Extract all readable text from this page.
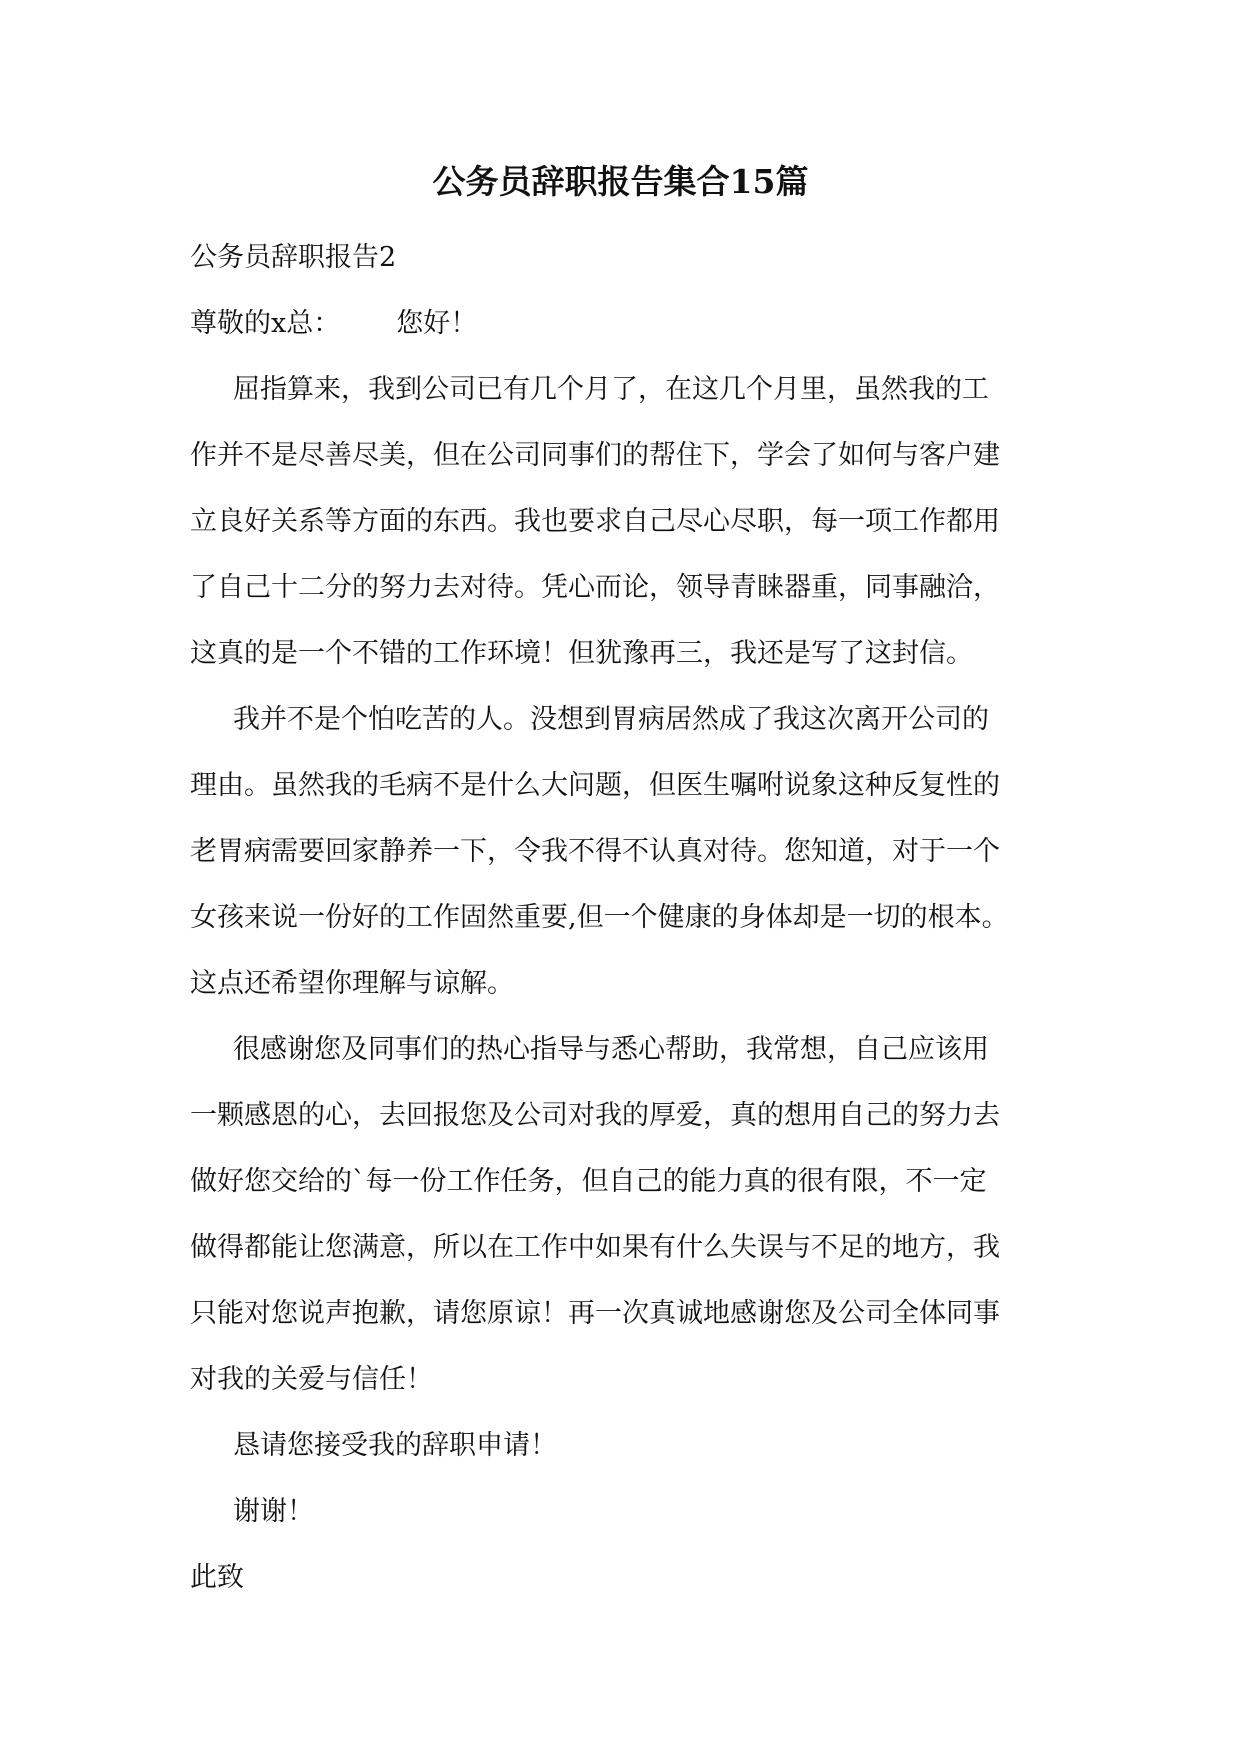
公务员辞职报告集合15篇
公务员辞职报告2
尊敬的x总： 您好！
屈指算来，我到公司已有几个月了，在这几个月里，虽然我的工
作并不是尽善尽美，但在公司同事们的帮住下，学会了如何与客户建
立良好关系等方面的东西。我也要求自己尽心尽职，每一项工作都用
了自己十二分的努力去对待。凭心而论，领导青睐器重，同事融洽，
这真的是一个不错的工作环境！但犹豫再三，我还是写了这封信。
我并不是个怕吃苦的人。没想到胃病居然成了我这次离开公司的
理由。虽然我的毛病不是什么大问题，但医生嘱咐说象这种反复性的
老胃病需要回家静养一下，令我不得不认真对待。您知道，对于一个
女孩来说一份好的工作固然重要,但一个健康的身体却是一切的根本。
这点还希望你理解与谅解。
很感谢您及同事们的热心指导与悉心帮助，我常想，自己应该用
一颗感恩的心，去回报您及公司对我的厚爱，真的想用自己的努力去
做好您交给的`每一份工作任务，但自己的能力真的很有限，不一定
做得都能让您满意，所以在工作中如果有什么失误与不足的地方，我
只能对您说声抱歉，请您原谅！再一次真诚地感谢您及公司全体同事
对我的关爱与信任！
恳请您接受我的辞职申请！
谢谢！
此致
